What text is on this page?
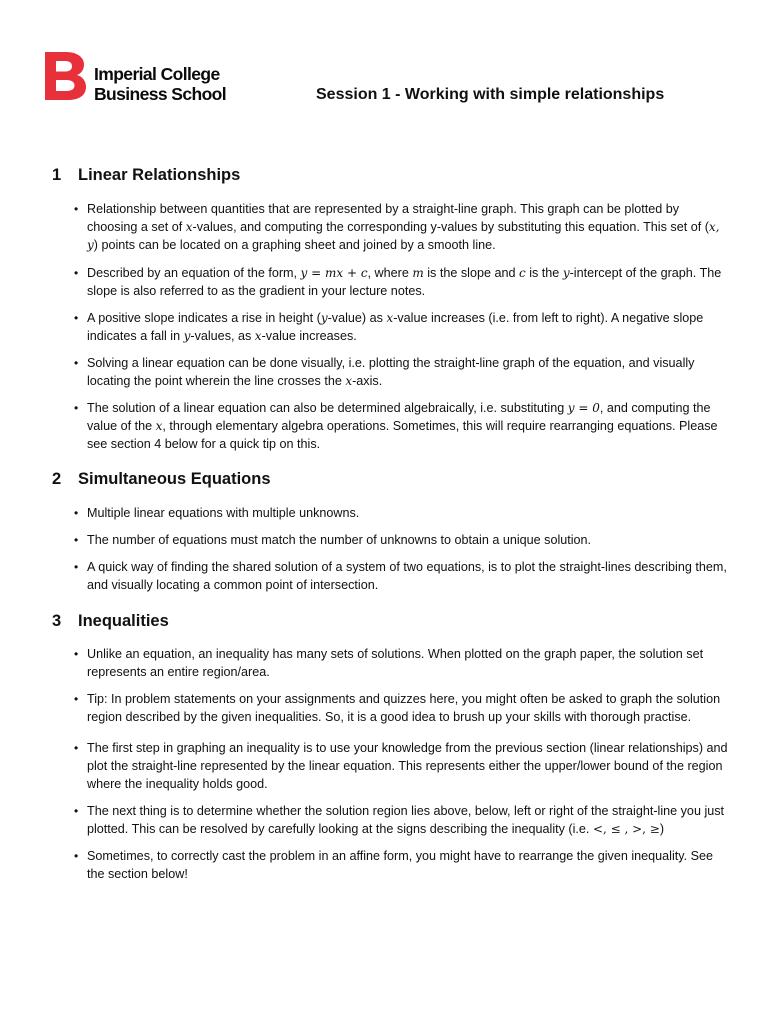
Imperial College
Business School	Session 1 - Working with simple relationships
1 Linear Relationships
• Relationship between quantities that are represented by a straight-line graph. This graph can be plotted by choosing a set of x-values, and computing the corresponding y-values by substituting this equation. This set of (x, y) points can be located on a graphing sheet and joined by a smooth line.
• Described by an equation of the form, y = mx + c, where m is the slope and c is the y-intercept of the graph. The slope is also referred to as the gradient in your lecture notes.
• A positive slope indicates a rise in height (y-value) as x-value increases (i.e. from left to right). A negative slope indicates a fall in y-values, as x-value increases.
• Solving a linear equation can be done visually, i.e. plotting the straight-line graph of the equation, and visually locating the point wherein the line crosses the x-axis.
• The solution of a linear equation can also be determined algebraically, i.e. substituting y = 0, and computing the value of the x, through elementary algebra operations. Sometimes, this will require rearranging equations. Please see section 4 below for a quick tip on this.
2 Simultaneous Equations
• Multiple linear equations with multiple unknowns.
• The number of equations must match the number of unknowns to obtain a unique solution.
• A quick way of finding the shared solution of a system of two equations, is to plot the straight-lines describing them, and visually locating a common point of intersection.
3 Inequalities
• Unlike an equation, an inequality has many sets of solutions. When plotted on the graph paper, the solution set represents an entire region/area.
• Tip: In problem statements on your assignments and quizzes here, you might often be asked to graph the solution region described by the given inequalities. So, it is a good idea to brush up your skills with thorough practise.
• The first step in graphing an inequality is to use your knowledge from the previous section (linear relationships) and plot the straight-line represented by the linear equation. This represents either the upper/lower bound of the region where the inequality holds good.
• The next thing is to determine whether the solution region lies above, below, left or right of the straight-line you just plotted. This can be resolved by carefully looking at the signs describing the inequality (i.e. <, ≤ , >, ≥)
• Sometimes, to correctly cast the problem in an affine form, you might have to rearrange the given inequality. See the section below!
